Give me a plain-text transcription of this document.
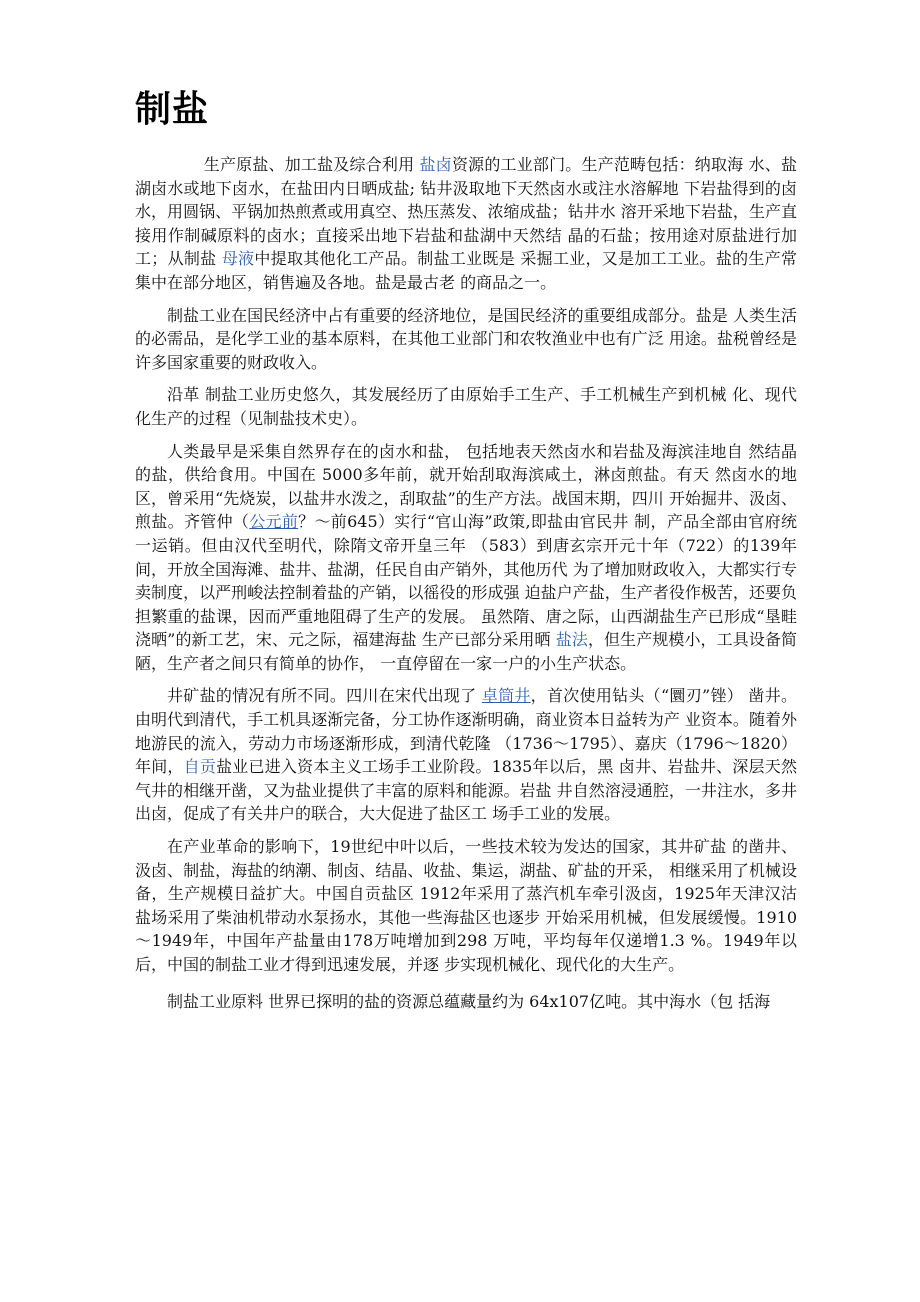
制盐

生产原盐、加工盐及综合利用 盐卤资源的工业部门。生产范畴包括：纳取海 水、盐湖卤水或地下卤水，在盐田内日晒成盐; 钻井汲取地下天然卤水或注水溶解地 下岩盐得到的卤水，用圆锅、平锅加热煎煮或用真空、热压蒸发、浓缩成盐；钻井水 溶开采地下岩盐，生产直接用作制碱原料的卤水；直接采出地下岩盐和盐湖中天然结 晶的石盐；按用途对原盐进行加工；从制盐 母液中提取其他化工产品。制盐工业既是 采掘工业，又是加工工业。盐的生产常集中在部分地区，销售遍及各地。盐是最古老 的商品之一。

制盐工业在国民经济中占有重要的经济地位，是国民经济的重要组成部分。盐是 人类生活的必需品，是化学工业的基本原料，在其他工业部门和农牧渔业中也有广泛 用途。盐税曾经是许多国家重要的财政收入。

沿革 制盐工业历史悠久，其发展经历了由原始手工生产、手工机械生产到机械 化、现代化生产的过程（见制盐技术史）。

人类最早是采集自然界存在的卤水和盐， 包括地表天然卤水和岩盐及海滨洼地自 然结晶的盐，供给食用。中国在 5000多年前，就开始刮取海滨咸土，淋卤煎盐。有天 然卤水的地区，曾采用“先烧炭，以盐井水泼之，刮取盐”的生产方法。战国末期，四川 开始掘井、汲卤、煎盐。齐管仲（公元前？～前645）实行“官山海”政策,即盐由官民井 制，产品全部由官府统一运销。但由汉代至明代，除隋文帝开皇三年 （583）到唐玄宗开元十年（722）的139年间，开放全国海滩、盐井、盐湖，任民自由产销外，其他历代 为了增加财政收入，大都实行专卖制度，以严刑峻法控制着盐的产销，以徭役的形成强 迫盐户产盐，生产者役作极苦，还要负担繁重的盐课，因而严重地阻碍了生产的发展。 虽然隋、唐之际，山西湖盐生产已形成“垦畦浇晒”的新工艺，宋、元之际，福建海盐 生产已部分采用晒 盐法，但生产规模小，工具设备简陋，生产者之间只有简单的协作， 一直停留在一家一户的小生产状态。

井矿盐的情况有所不同。四川在宋代出现了 卓筒井，首次使用钻头（“圜刃”锉） 凿井。由明代到清代，手工机具逐渐完备，分工协作逐渐明确，商业资本日益转为产 业资本。随着外地游民的流入，劳动力市场逐渐形成，到清代乾隆 （1736～1795）、嘉庆（1796～1820）年间，自贡盐业已进入资本主义工场手工业阶段。1835年以后，黑 卤井、岩盐井、深层天然气井的相继开凿，又为盐业提供了丰富的原料和能源。岩盐 井自然溶浸通腔，一井注水，多井出卤，促成了有关井户的联合，大大促进了盐区工 场手工业的发展。

在产业革命的影响下，19世纪中叶以后，一些技术较为发达的国家，其井矿盐 的凿井、汲卤、制盐，海盐的纳潮、制卤、结晶、收盐、集运，湖盐、矿盐的开采， 相继采用了机械设备，生产规模日益扩大。中国自贡盐区 1912年采用了蒸汽机车牵引汲卤，1925年天津汉沽盐场采用了柴油机带动水泵扬水，其他一些海盐区也逐步 开始采用机械，但发展缓慢。1910～1949年，中国年产盐量由178万吨增加到298 万吨，平均每年仅递增1.3 %。1949年以后，中国的制盐工业才得到迅速发展，并逐 步实现机械化、现代化的大生产。

制盐工业原料 世界已探明的盐的资源总蕴藏量约为 64x107亿吨。其中海水（包 括海
